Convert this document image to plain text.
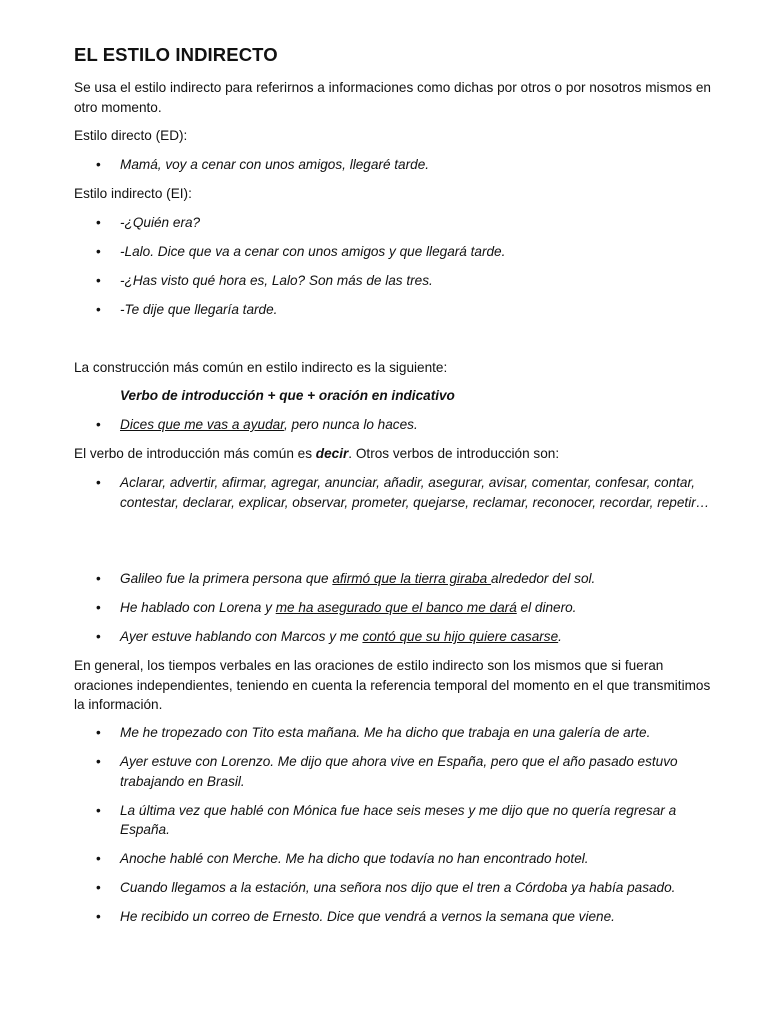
EL ESTILO INDIRECTO

Se usa el estilo indirecto para referirnos a informaciones como dichas por otros o por nosotros mismos en otro momento.

Estilo directo (ED):

• Mamá, voy a cenar con unos amigos, llegaré tarde.

Estilo indirecto (EI):

• -¿Quién era?
• -Lalo. Dice que va a cenar con unos amigos y que llegará tarde.
• -¿Has visto qué hora es, Lalo? Son más de las tres.
• -Te dije que llegaría tarde.

La construcción más común en estilo indirecto es la siguiente:

Verbo de introducción + que + oración en indicativo

• Dices que me vas a ayudar, pero nunca lo haces.

El verbo de introducción más común es decir. Otros verbos de introducción son:

• Aclarar, advertir, afirmar, agregar, anunciar, añadir, asegurar, avisar, comentar, confesar, contar, contestar, declarar, explicar, observar, prometer, quejarse, reclamar, reconocer, recordar, repetir…
• Galileo fue la primera persona que afirmó que la tierra giraba alrededor del sol.
• He hablado con Lorena y me ha asegurado que el banco me dará el dinero.
• Ayer estuve hablando con Marcos y me contó que su hijo quiere casarse.

En general, los tiempos verbales en las oraciones de estilo indirecto son los mismos que si fueran oraciones independientes, teniendo en cuenta la referencia temporal del momento en el que transmitimos la información.

• Me he tropezado con Tito esta mañana. Me ha dicho que trabaja en una galería de arte.
• Ayer estuve con Lorenzo. Me dijo que ahora vive en España, pero que el año pasado estuvo trabajando en Brasil.
• La última vez que hablé con Mónica fue hace seis meses y me dijo que no quería regresar a España.
• Anoche hablé con Merche. Me ha dicho que todavía no han encontrado hotel.
• Cuando llegamos a la estación, una señora nos dijo que el tren a Córdoba ya había pasado.
• He recibido un correo de Ernesto. Dice que vendrá a vernos la semana que viene.
